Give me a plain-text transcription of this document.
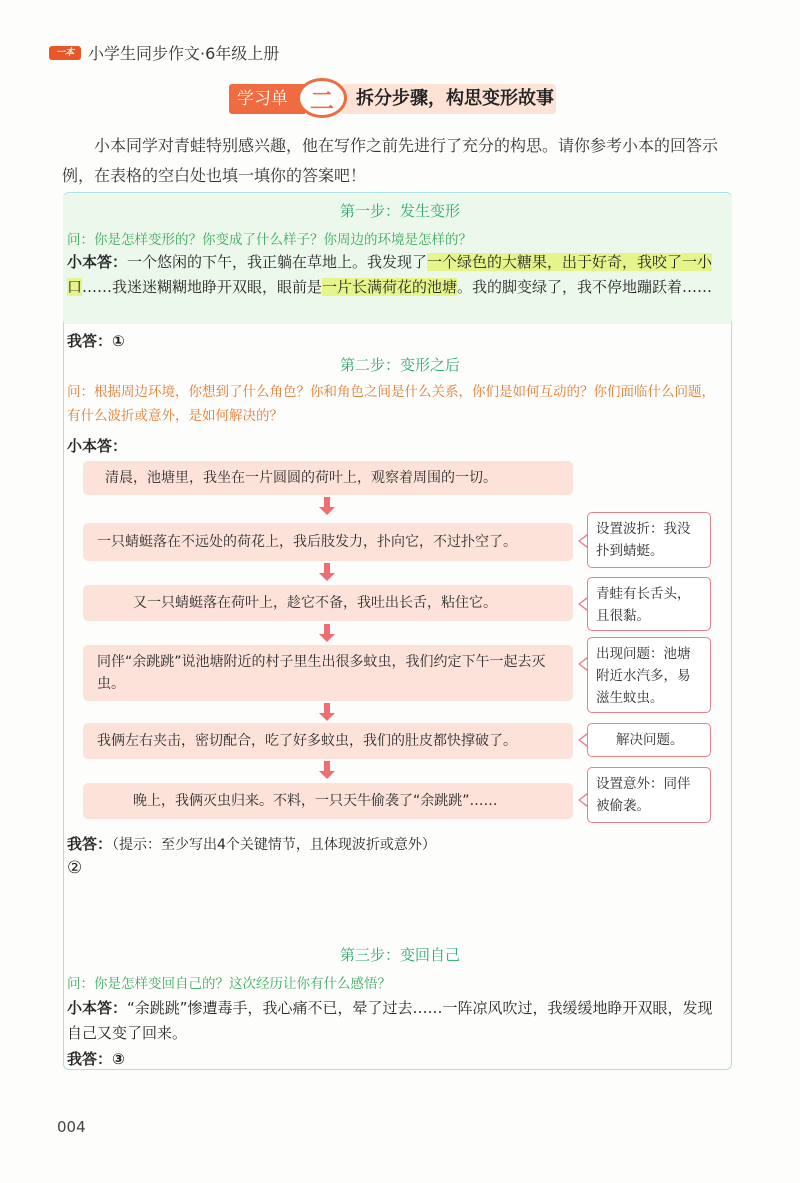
一本 小学生同步作文·6年级上册
学习单	拆分步骤，构思变形故事
二
小本同学对青蛙特别感兴趣，他在写作之前先进行了充分的构思。请你参考小本的回答示例，在表格的空白处也填一填你的答案吧！
第一步：发生变形
问：你是怎样变形的？你变成了什么样子？你周边的环境是怎样的？
小本答：一个悠闲的下午，我正躺在草地上。我发现了一个绿色的大糖果，出于好奇，我咬了一小口……我迷迷糊糊地睁开双眼，眼前是一片长满荷花的池塘。我的脚变绿了，我不停地蹦跃着……
我答：①
第二步：变形之后
问：根据周边环境，你想到了什么角色？你和角色之间是什么关系，你们是如何互动的？你们面临什么问题，有什么波折或意外，是如何解决的？
小本答：
清晨，池塘里，我坐在一片圆圆的荷叶上，观察着周围的一切。
一只蜻蜓落在不远处的荷花上，我后肢发力，扑向它，不过扑空了。
又一只蜻蜓落在荷叶上，趁它不备，我吐出长舌，粘住它。
同伴“余跳跳”说池塘附近的村子里生出很多蚊虫，我们约定下午一起去灭虫。
我俩左右夹击，密切配合，吃了好多蚊虫，我们的肚皮都快撑破了。
晚上，我俩灭虫归来。不料，一只天牛偷袭了“余跳跳”……
设置波折：我没扑到蜻蜓。
青蛙有长舌头，且很黏。
出现问题：池塘附近水汽多，易滋生蚊虫。
解决问题。
设置意外：同伴被偷袭。
我答：（提示：至少写出4个关键情节，且体现波折或意外）
②
第三步：变回自己
问：你是怎样变回自己的？这次经历让你有什么感悟？
小本答：“余跳跳”惨遭毒手，我心痛不已，晕了过去……一阵凉风吹过，我缓缓地睁开双眼，发现自己又变了回来。
我答：③
004
